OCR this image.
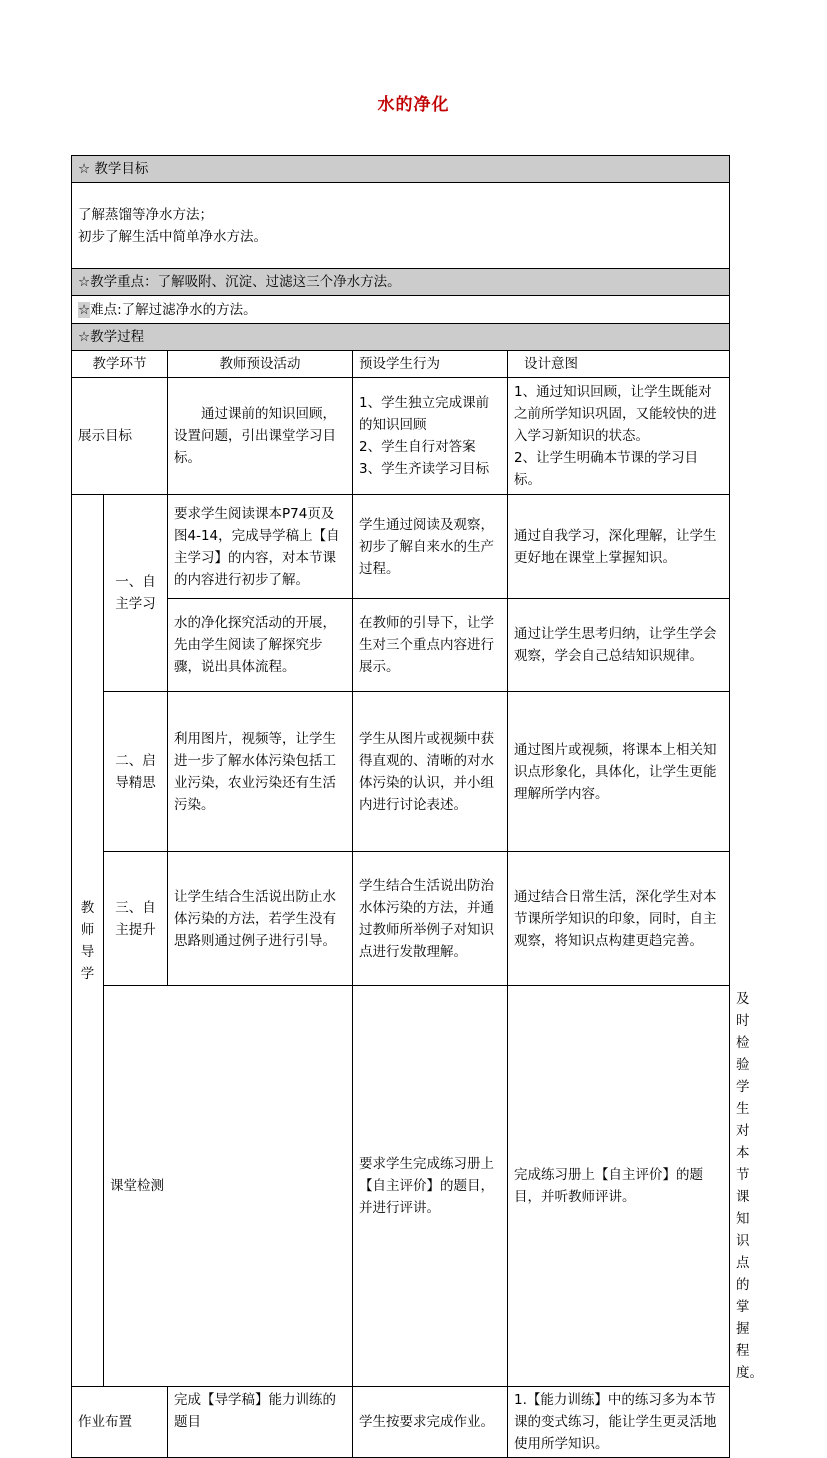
水的净化
☆ 教学目标					

了解蒸馏等净水方法；
初步了解生活中简单净水方法。					

☆教学重点：了解吸附、沉淀、过滤这三个净水方法。					
☆难点:了解过滤净水的方法。					
☆教学过程					
教学环节		教师预设活动	预设学生行为	设计意图	
展示目标		通过课前的知识回顾，设置问题，引出课堂学习目标。	1、学生独立完成课前的知识回顾
2、学生自行对答案
3、学生齐读学习目标	1、通过知识回顾，让学生既能对之前所学知识巩固，又能较快的进入学习新知识的状态。
2、让学生明确本节课的学习目标。	

教师导学	一、自主学习	要求学生阅读课本P74页及图4-14，完成导学稿上【自主学习】的内容，对本节课的内容进行初步了解。	学生通过阅读及观察，初步了解自来水的生产过程。	通过自我学习，深化理解，让学生更好地在课堂上掌握知识。	
		水的净化探究活动的开展，先由学生阅读了解探究步骤，说出具体流程。	在教师的引导下，让学生对三个重点内容进行展示。	通过让学生思考归纳，让学生学会观察，学会自己总结知识规律。	
	二、启导精思	利用图片，视频等，让学生进一步了解水体污染包括工业污染，农业污染还有生活污染。	学生从图片或视频中获得直观的、清晰的对水体污染的认识，并小组内进行讨论表述。	通过图片或视频，将课本上相关知识点形象化，具体化，让学生更能理解所学内容。	
	三、自主提升	让学生结合生活说出防止水体污染的方法，若学生没有思路则通过例子进行引导。	学生结合生活说出防治水体污染的方法，并通过教师所举例子对知识点进行发散理解。	通过结合日常生活，深化学生对本节课所学知识的印象，同时，自主观察，将知识点构建更趋完善。	
	课堂检测		要求学生完成练习册上【自主评价】的题目，并进行评讲。	完成练习册上【自主评价】的题目，并听教师评讲。	及时检验学生对本节课知识点的掌握程度。
作业布置		完成【导学稿】能力训练的题目	学生按要求完成作业。	1.【能力训练】中的练习多为本节课的变式练习，能让学生更灵活地使用所学知识。	
